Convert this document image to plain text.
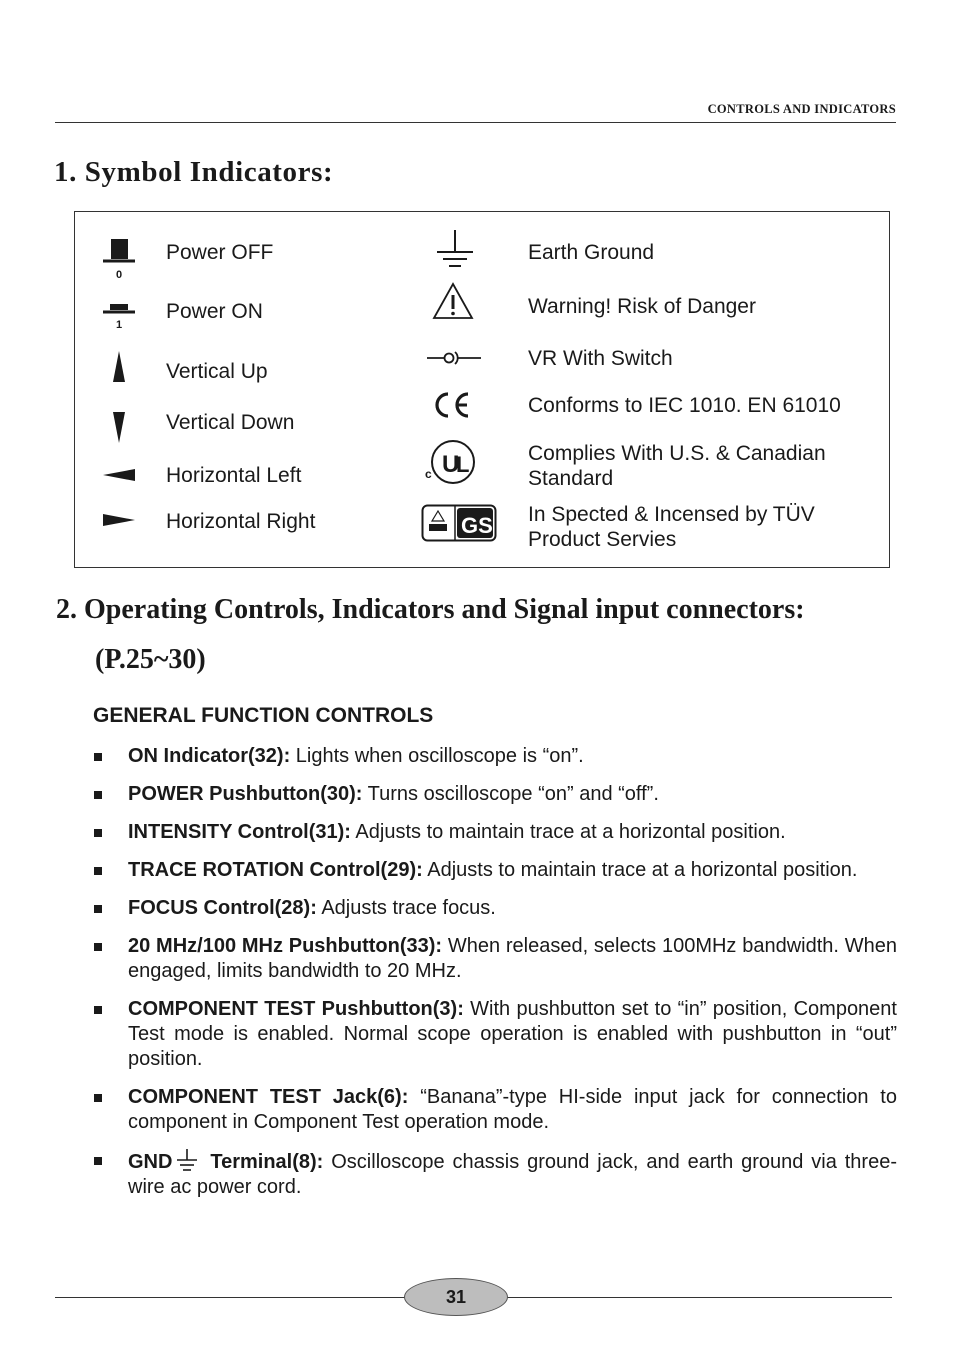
CONTROLS AND INDICATORS
1. Symbol Indicators:
0
Power OFF
1
Power ON
Vertical Up
Vertical Down
Horizontal Left
Horizontal Right
Earth Ground
Warning! Risk of Danger
VR With Switch
Conforms to IEC 1010. EN 61010
U
L
c
Complies With U.S. & Canadian Standard
GS In Spected & Incensed by TÜV Product Servies
2. Operating Controls, Indicators and Signal input connectors:
(P.25~30)
GENERAL FUNCTION CONTROLS
ON Indicator(32): Lights when oscilloscope is “on”.
POWER Pushbutton(30): Turns oscilloscope “on” and “off”.
INTENSITY Control(31): Adjusts to maintain trace at a horizontal position.
TRACE ROTATION Control(29): Adjusts to maintain trace at a horizontal position.
FOCUS Control(28): Adjusts trace focus.
20 MHz/100 MHz Pushbutton(33): When released, selects 100MHz bandwidth. When engaged, limits bandwidth to 20 MHz.
COMPONENT TEST Pushbutton(3): With pushbutton set to “in” position, Component Test mode is enabled. Normal scope operation is enabled with pushbutton in “out” position.
COMPONENT TEST Jack(6): “Banana”-type HI-side input jack for connection to component in Component Test operation mode.
GND Terminal(8): Oscilloscope chassis ground jack, and earth ground via three-wire ac power cord.
31
